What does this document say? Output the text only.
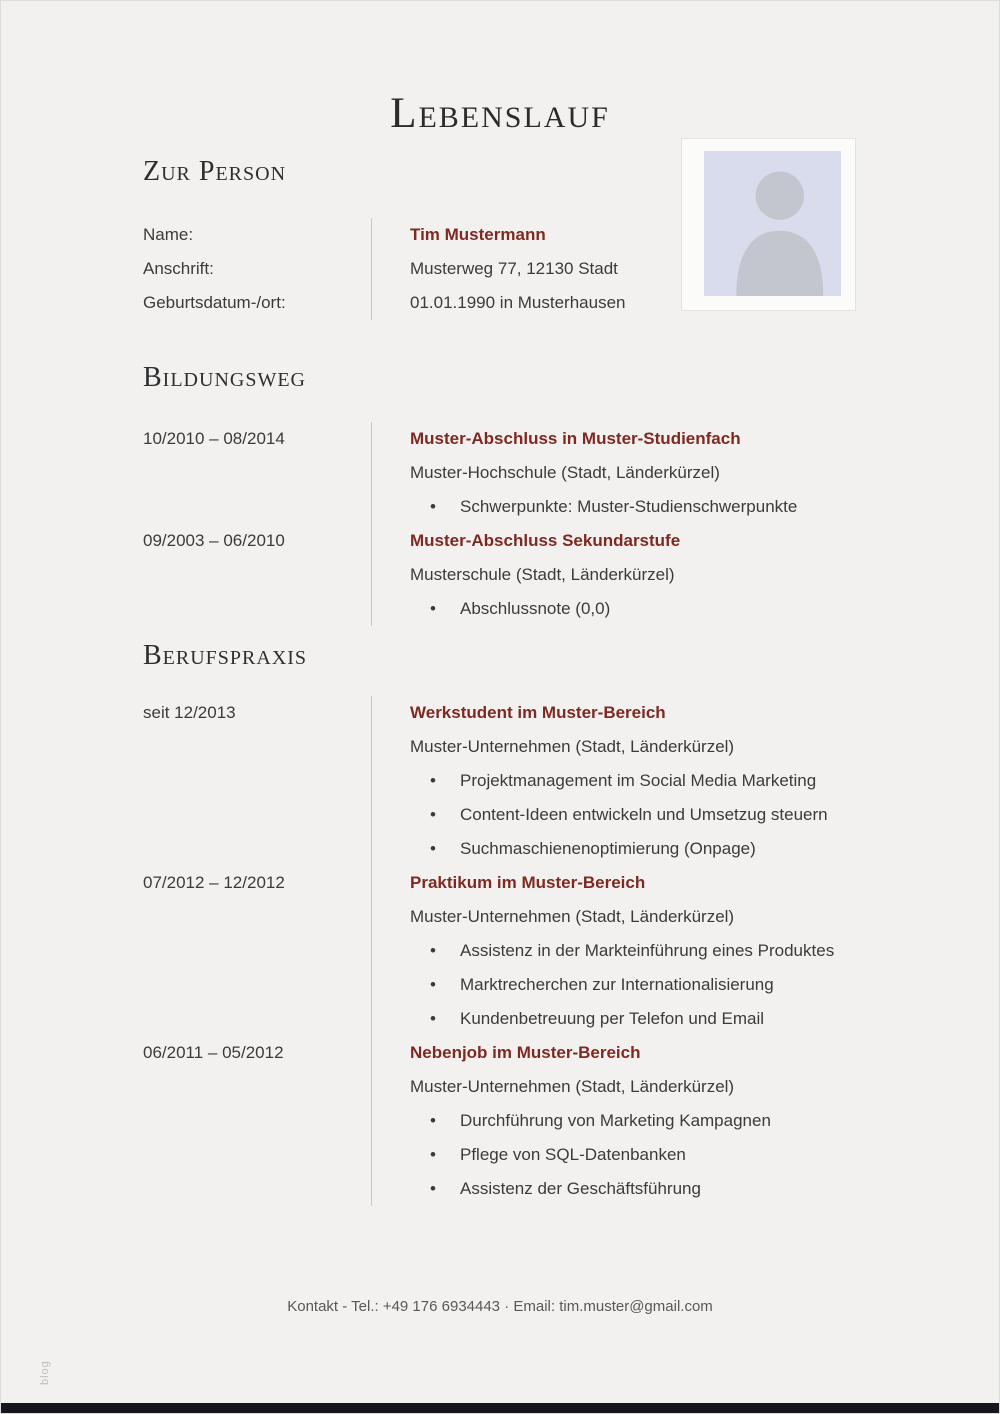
Lebenslauf
Zur Person
Name:	Tim Mustermann
Anschrift:	Musterweg 77, 12130 Stadt
Geburtsdatum-/ort:	01.01.1990 in Musterhausen
Bildungsweg
10/2010 – 08/2014	Muster-Abschluss in Muster-Studienfach
Muster-Hochschule (Stadt, Länderkürzel)
• Schwerpunkte: Muster-Studienschwerpunkte
09/2003 – 06/2010	Muster-Abschluss Sekundarstufe
Musterschule (Stadt, Länderkürzel)
• Abschlussnote (0,0)
Berufspraxis
seit 12/2013	Werkstudent im Muster-Bereich
Muster-Unternehmen (Stadt, Länderkürzel)
• Projektmanagement im Social Media Marketing
• Content-Ideen entwickeln und Umsetzug steuern
• Suchmaschienenoptimierung (Onpage)
07/2012 – 12/2012	Praktikum im Muster-Bereich
Muster-Unternehmen (Stadt, Länderkürzel)
• Assistenz in der Markteinführung eines Produktes
• Marktrecherchen zur Internationalisierung
• Kundenbetreuung per Telefon und Email
06/2011 – 05/2012	Nebenjob im Muster-Bereich
Muster-Unternehmen (Stadt, Länderkürzel)
• Durchführung von Marketing Kampagnen
• Pflege von SQL-Datenbanken
• Assistenz der Geschäftsführung
Kontakt - Tel.: +49 176 6934443 · Email: tim.muster@gmail.com
blog
